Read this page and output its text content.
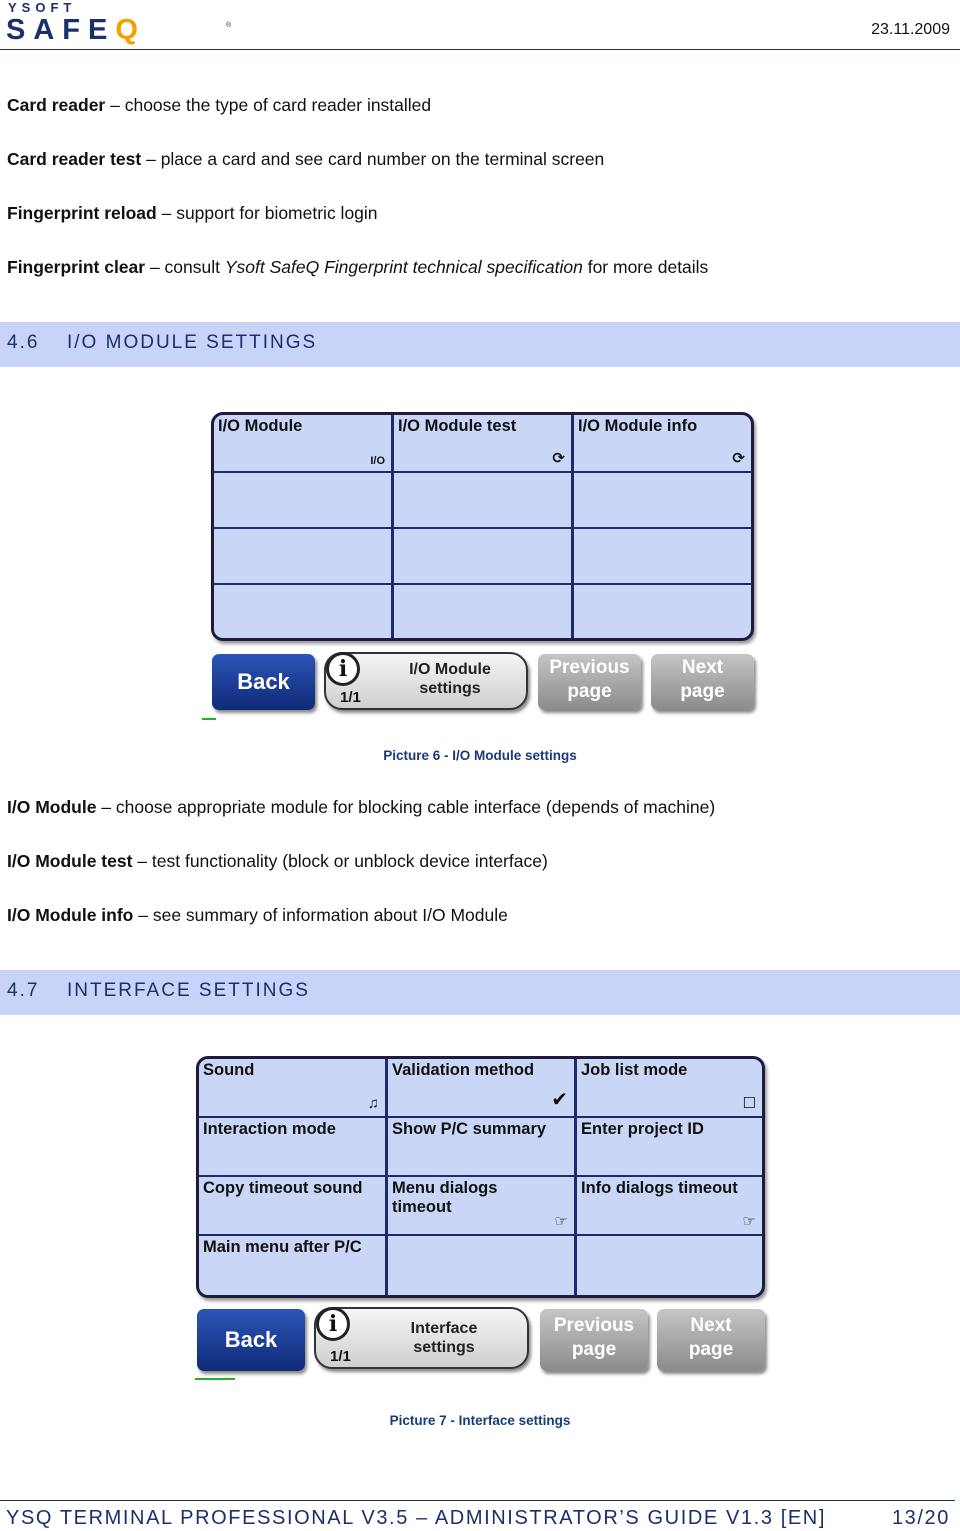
YSOFT
SAFEQ	®	23.11.2009
Card reader – choose the type of card reader installed
Card reader test – place a card and see card number on the terminal screen
Fingerprint reload – support for biometric login
Fingerprint clear – consult Ysoft SafeQ Fingerprint technical specification for more details
4.6 I/O MODULE SETTINGS
I/O Module
I/O
I/O Module test
⟳
I/O Module info
⟳
Back	i
1/1
I/O Module
settings
Previous
page
Next
page
Picture 6 - I/O Module settings
I/O Module – choose appropriate module for blocking cable interface (depends of machine)
I/O Module test – test functionality (block or unblock device interface)
I/O Module info – see summary of information about I/O Module
4.7 INTERFACE SETTINGS
Sound
♫
Validation method
✔
Job list mode
☐
Interaction mode	Show P/C summary	Enter project ID
Copy timeout sound	Menu dialogs
timeout
☞
Info dialogs timeout
☞
Main menu after P/C
Back
i
1/1
Interface
settings
Previous
page
Next
page
Picture 7 - Interface settings
YSQ TERMINAL PROFESSIONAL V3.5 – ADMINISTRATOR’S GUIDE V1.3 [EN]	13/20
